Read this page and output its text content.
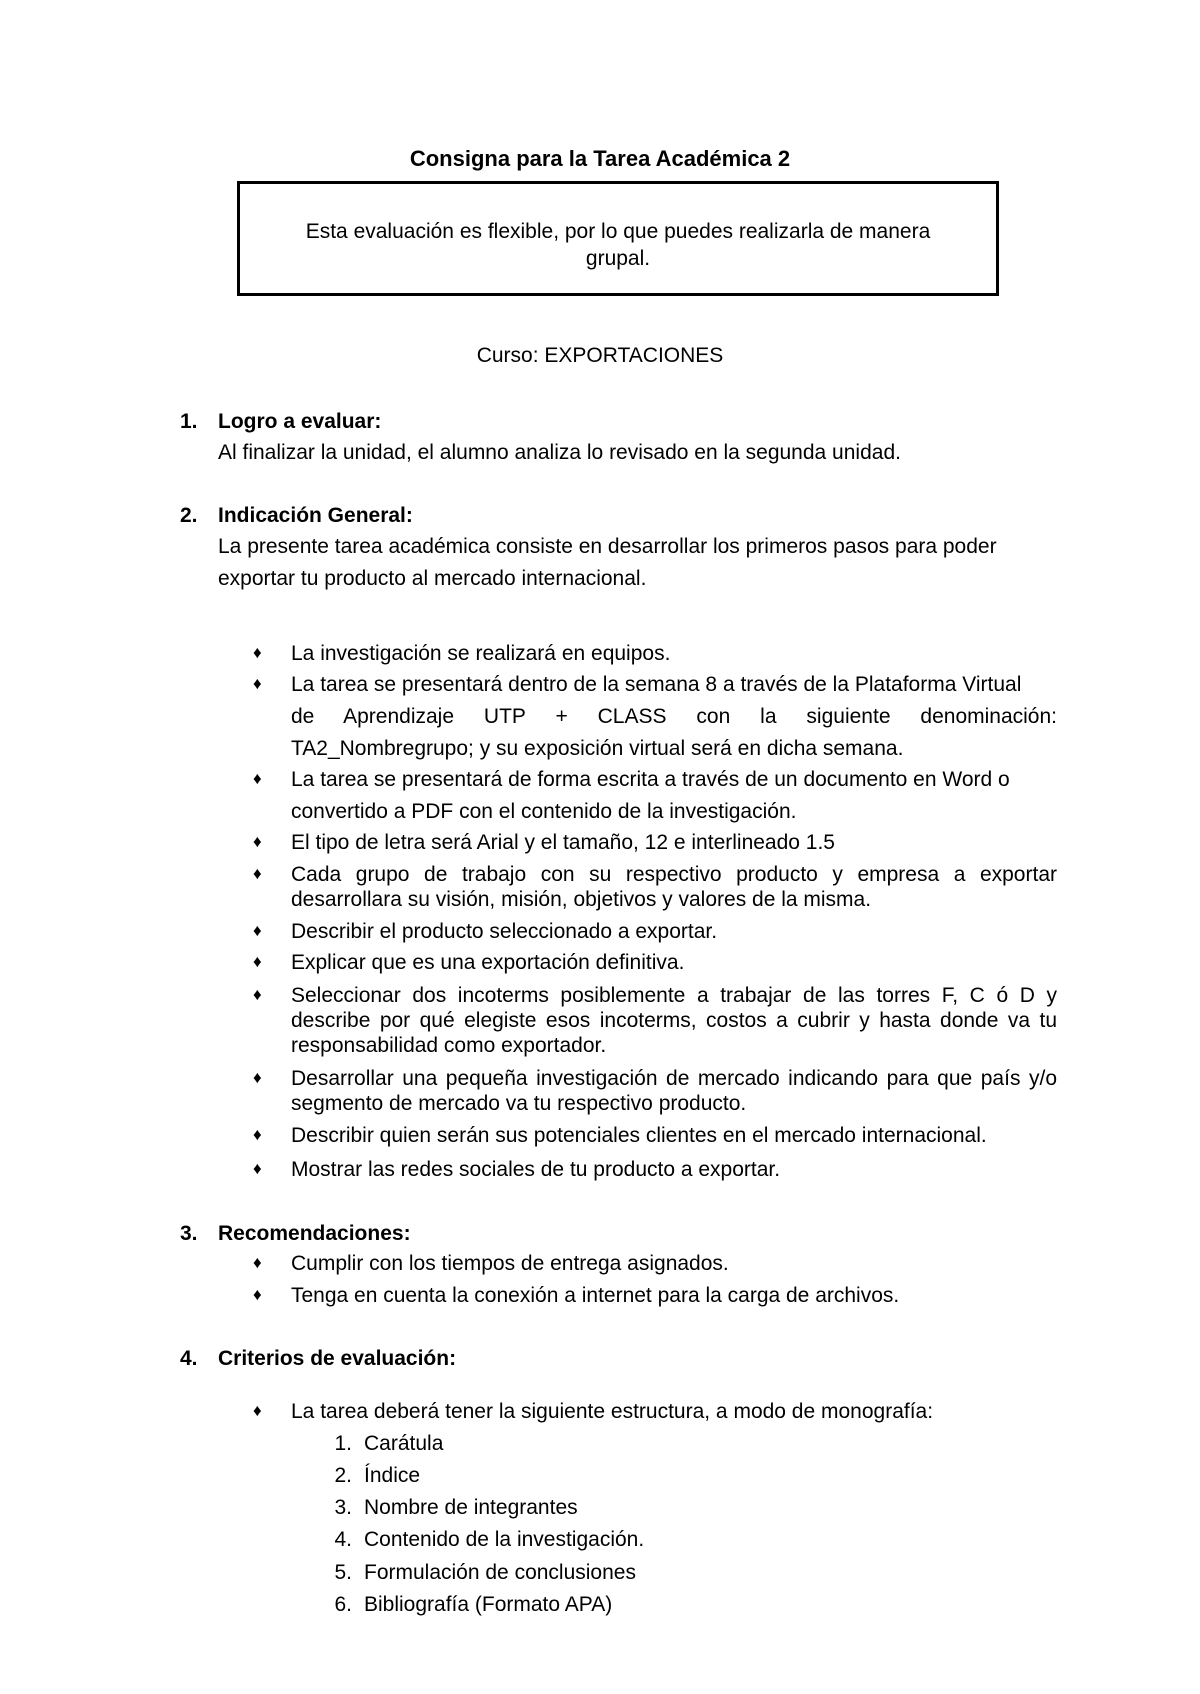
Consigna para la Tarea Académica 2
Esta evaluación es flexible, por lo que puedes realizarla de manera grupal.
Curso: EXPORTACIONES
1. Logro a evaluar:
Al finalizar la unidad, el alumno analiza lo revisado en la segunda unidad.
2. Indicación General:
La presente tarea académica consiste en desarrollar los primeros pasos para poder
exportar tu producto al mercado internacional.
♦ La investigación se realizará en equipos.
♦ La tarea se presentará dentro de la semana 8 a través de la Plataforma Virtual
de Aprendizaje UTP + CLASS con la siguiente denominación:
TA2_Nombregrupo; y su exposición virtual será en dicha semana.
♦ La tarea se presentará de forma escrita a través de un documento en Word o
convertido a PDF con el contenido de la investigación.
♦ El tipo de letra será Arial y el tamaño, 12 e interlineado 1.5
♦ Cada grupo de trabajo con su respectivo producto y empresa a exportar
desarrollara su visión, misión, objetivos y valores de la misma.
♦ Describir el producto seleccionado a exportar.
♦ Explicar que es una exportación definitiva.
♦ Seleccionar dos incoterms posiblemente a trabajar de las torres F, C ó D y
describe por qué elegiste esos incoterms, costos a cubrir y hasta donde va tu
responsabilidad como exportador.
♦ Desarrollar una pequeña investigación de mercado indicando para que país y/o
segmento de mercado va tu respectivo producto.
♦ Describir quien serán sus potenciales clientes en el mercado internacional.
♦ Mostrar las redes sociales de tu producto a exportar.
3. Recomendaciones:
♦ Cumplir con los tiempos de entrega asignados.
♦ Tenga en cuenta la conexión a internet para la carga de archivos.
4. Criterios de evaluación:
♦ La tarea deberá tener la siguiente estructura, a modo de monografía:
1. Carátula
2. Índice
3. Nombre de integrantes
4. Contenido de la investigación.
5. Formulación de conclusiones
6. Bibliografía (Formato APA)
